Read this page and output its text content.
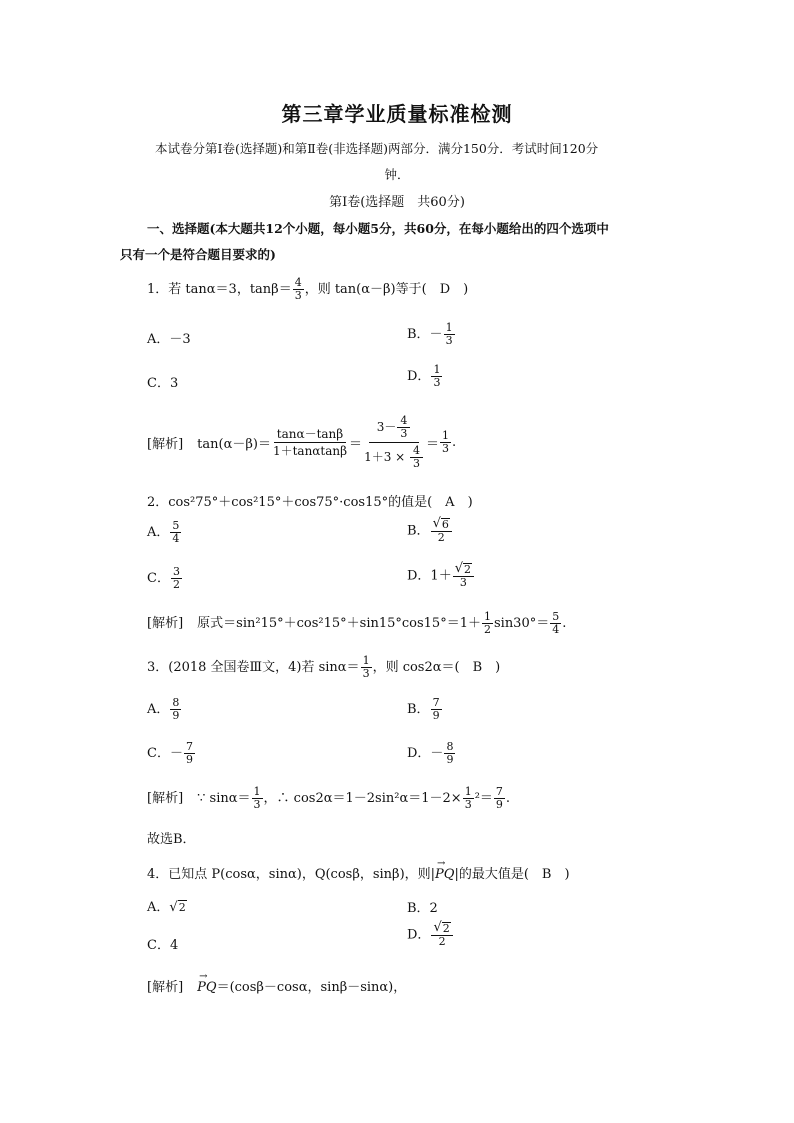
第三章学业质量标准检测
本试卷分第Ⅰ卷(选择题)和第Ⅱ卷(非选择题)两部分．满分150分．考试时间120分
钟．
第Ⅰ卷(选择题　共60分)
一、选择题(本大题共12个小题，每小题5分，共60分，在每小题给出的四个选项中
只有一个是符合题目要求的)
1．若 tanα＝3，$\tan\beta= \frac{4}{3}$ ，则 tan(α－β)等于(　D　)
A．－3	B．－ $\frac{1}{3}$
C．3	D． $\frac{1}{3}$
[解析] $\tan(\alpha-\beta)= \frac{\tan\alpha-\tan\beta}{1+\tan\alpha\tan\beta} = \frac{3- \frac{4}{3}}{1+3 \times \frac{4}{3}} = \frac{1}{3}$ .
2．cos²75°＋cos²15°＋cos75°·cos15°的值是(　A　)
A． $\frac{5}{4}$	B． $\frac{√ 6}{2}$
C． $\frac{3}{2}$	D．$1+ \frac{√ 2}{3}$
[解析] 原式$=\sin^215^\circ+\cos^215^\circ+\sin 15^\circ\cos 15^\circ=1+ \frac{1}{2} \sin 30^\circ= \frac{5}{4}$ .
3．(2018 全国卷Ⅲ文，4)若 $\sin\alpha= \frac{1}{3}$ ，则 cos2α＝(　B　)
A． $\frac{8}{9}$	B． $\frac{7}{9}$
C．－ $\frac{7}{9}$	D．－ $\frac{8}{9}$
[解析] ∵ $\sin\alpha= \frac{1}{3}$ ，∴ $\cos 2\alpha=1-2\sin^2\alpha=1-2\times \frac{1}{3} ^2= \frac{7}{9}$ .
故选B．
4．已知点 P(cosα，sinα)，Q(cosβ，sinβ)，则|→ PQ|的最大值是(　B　)
A． √ 2	B．2
C．4
D． $\frac{√ 2}{2}$
[解析]→ PQ＝(cosβ－cosα，sinβ－sinα)，
